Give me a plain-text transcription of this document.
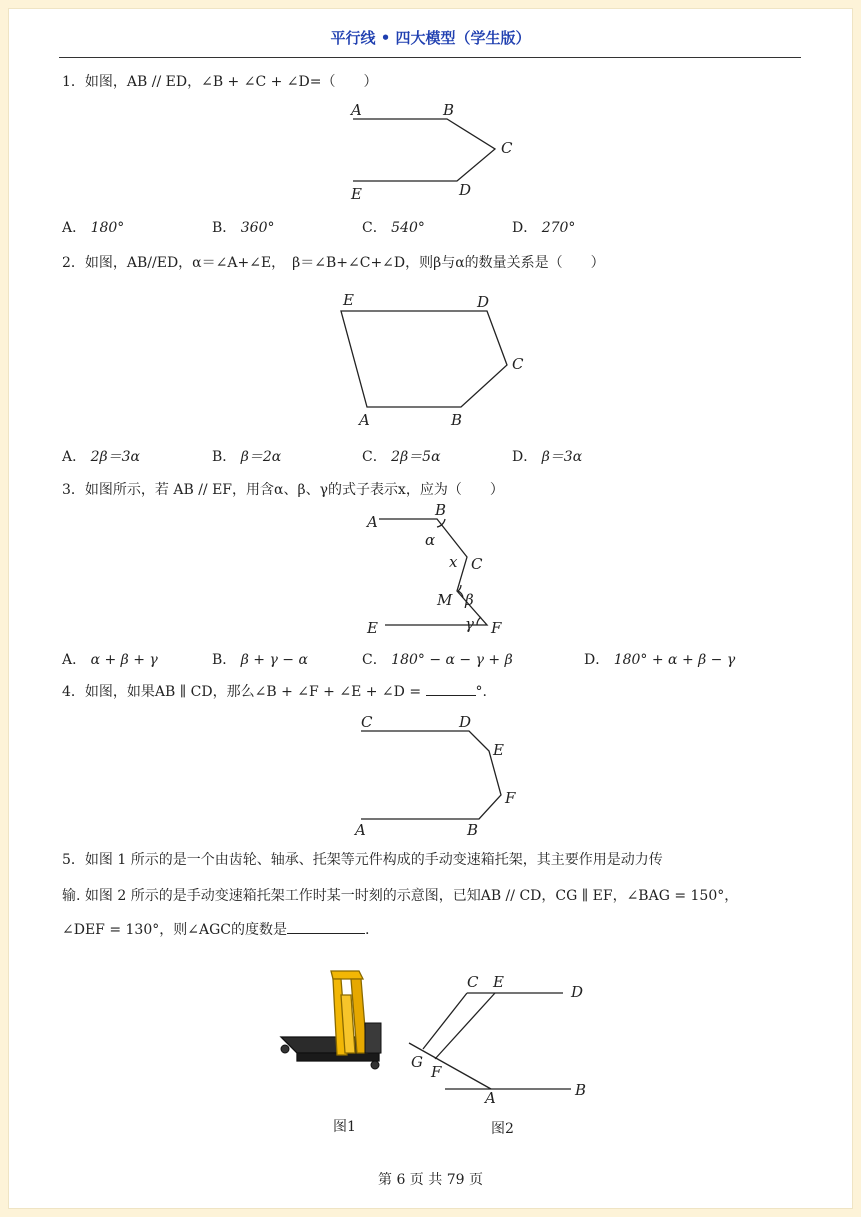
平行线 • 四大模型（学生版）
1．如图，AB // ED，∠B + ∠C + ∠D=（　　）
A	B
C
E	D
A． 180°	B． 360°	C． 540°	D． 270°
2．如图，AB//ED，α＝∠A+∠E，　β＝∠B+∠C+∠D，则β与α的数量关系是（　　）
E	D
C
A	B
A． 2β＝3α	B． β＝2α	C． 2β＝5α	D． β＝3α
3．如图所示，若 AB // EF，用含α、β、γ的式子表示x，应为（　　）
A
B
α
x C
M β
γ
E	F
A． α + β + γ	B． β + γ − α	C． 180° − α − γ + β	D． 180° + α + β − γ
4．如图，如果AB ∥ CD，那么∠B + ∠F + ∠E + ∠D =	°.
C	D
E
F
A	B
5．如图 1 所示的是一个由齿轮、轴承、托架等元件构成的手动变速箱托架，其主要作用是动力传
输. 如图 2 所示的是手动变速箱托架工作时某一时刻的示意图，已知AB // CD，CG ∥ EF，∠BAG = 150°，
∠DEF = 130°，则∠AGC的度数是	.
图1
C E
D
G
F
A	B
图2
第 6 页 共 79 页
